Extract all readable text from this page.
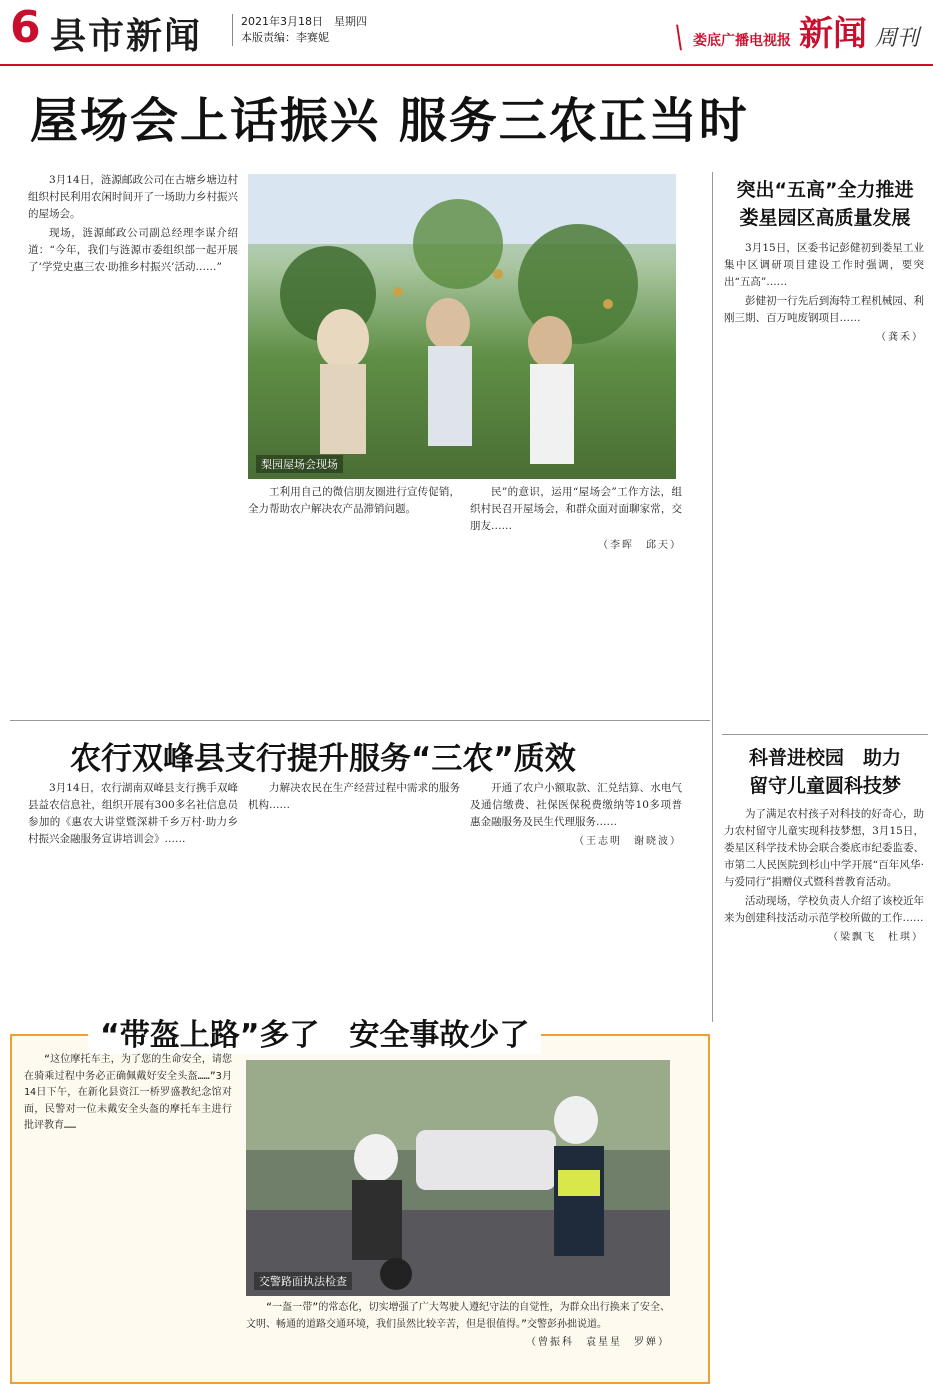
6 县市新闻	2021年3月18日　星期四
本版责编：李赛妮	╲ 娄底广播电视报 新闻 周刊
屋场会上话振兴 服务三农正当时

3月14日，涟源邮政公司在古塘乡塘边村组织村民利用农闲时间开了一场助力乡村振兴的屋场会。

现场，涟源邮政公司副总经理李谋介绍道：“今年，我们与涟源市委组织部一起开展了‘学党史惠三农·助推乡村振兴’活动……”

梨园屋场会现场

工利用自己的微信朋友圈进行宣传促销，全力帮助农户解决农产品滞销问题。

民”的意识，运用“屋场会”工作方法，组织村民召开屋场会，和群众面对面聊家常，交朋友……

（李晖　邱天）
突出“五高”全力推进
娄星园区高质量发展

3月15日，区委书记彭健初到娄星工业集中区调研项目建设工作时强调，要突出“五高”……

彭健初一行先后到海特工程机械园、利刚三期、百万吨废钢项目……

（龚禾）
农行双峰县支行提升服务“三农”质效

3月14日，农行湖南双峰县支行携手双峰县益农信息社，组织开展有300多名社信息员参加的《惠农大讲堂暨深耕千乡万村·助力乡村振兴金融服务宣讲培训会》……

力解决农民在生产经营过程中需求的服务机构……

开通了农户小额取款、汇兑结算、水电气及通信缴费、社保医保税费缴纳等10多项普惠金融服务及民生代理服务……

（王志明　谢晓波）
科普进校园　助力
留守儿童圆科技梦

为了满足农村孩子对科技的好奇心，助力农村留守儿童实现科技梦想，3月15日，娄星区科学技术协会联合娄底市纪委监委、市第二人民医院到杉山中学开展“百年风华·与爱同行”捐赠仪式暨科普教育活动。

活动现场，学校负责人介绍了该校近年来为创建科技活动示范学校所做的工作……

（梁飘飞　杜琪）
“带盔上路”多了　安全事故少了

“这位摩托车主，为了您的生命安全，请您在骑乘过程中务必正确佩戴好安全头盔……”3月14日下午，在新化县资江一桥罗盛教纪念馆对面，民警对一位未戴安全头盔的摩托车主进行批评教育……

交警路面执法检查

“一盔一带”的常态化，切实增强了广大驾驶人遵纪守法的自觉性，为群众出行换来了安全、文明、畅通的道路交通环境，我们虽然比较辛苦，但是很值得。”交警彭孙拙说道。

（曾振科　袁星星　罗婵）
